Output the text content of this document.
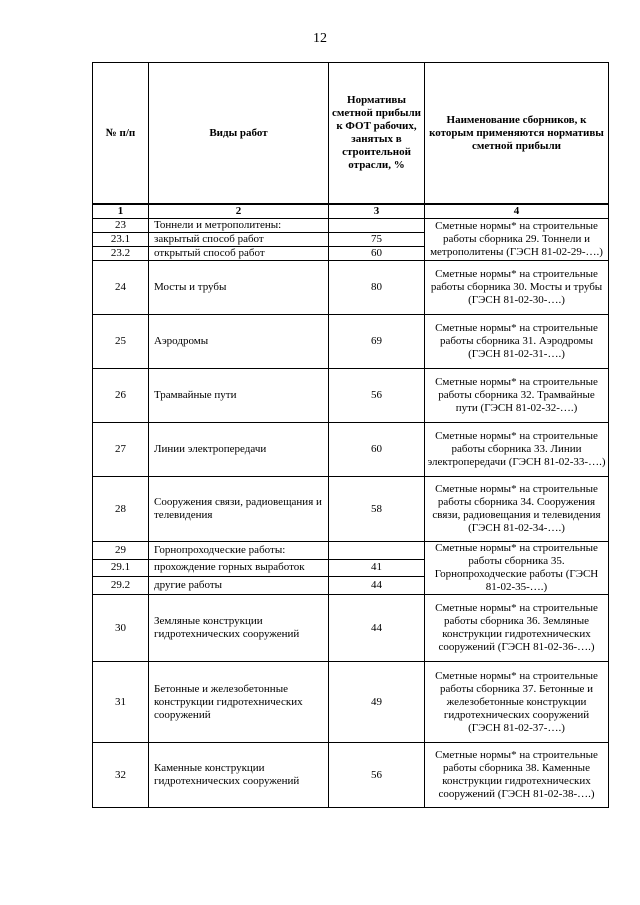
12
№ п/п	Виды работ	Нормативы сметной прибыли к ФОТ рабочих, занятых в строительной отрасли, %	Наименование сборников, к которым применяются нормативы сметной прибыли
1	2	3	4
23	Тоннели и метрополитены:		Сметные нормы* на строительные работы сборника 29. Тоннели и метрополитены (ГЭСН 81-02-29-….)
23.1	закрытый способ работ	75	
23.2	открытый способ работ	60	
24	Мосты и трубы	80	Сметные нормы* на строительные работы сборника 30. Мосты и трубы (ГЭСН 81-02-30-….)
25	Аэродромы	69	Сметные нормы* на строительные работы сборника 31. Аэродромы (ГЭСН 81-02-31-….)
26	Трамвайные пути	56	Сметные нормы* на строительные работы сборника 32. Трамвайные пути (ГЭСН 81-02-32-….)
27	Линии электропередачи	60	Сметные нормы* на строительные работы сборника 33. Линии электропередачи (ГЭСН 81-02-33-….)
28	Сооружения связи, радиовещания и телевидения	58	Сметные нормы* на строительные работы сборника 34. Сооружения связи, радиовещания и телевидения (ГЭСН 81-02-34-….)
29	Горнопроходческие работы:		Сметные нормы* на строительные работы сборника 35. Горнопроходческие работы (ГЭСН 81-02-35-….)
29.1	прохождение горных выработок	41	
29.2	другие работы	44	
30	Земляные конструкции гидротехнических сооружений	44	Сметные нормы* на строительные работы сборника 36. Земляные конструкции гидротехнических сооружений (ГЭСН 81-02-36-….)
31	Бетонные и железобетонные конструкции гидротехнических сооружений	49	Сметные нормы* на строительные работы сборника 37. Бетонные и железобетонные конструкции гидротехнических сооружений (ГЭСН 81-02-37-….)
32	Каменные конструкции гидротехнических сооружений	56	Сметные нормы* на строительные работы сборника 38. Каменные конструкции гидротехнических сооружений (ГЭСН 81-02-38-….)
